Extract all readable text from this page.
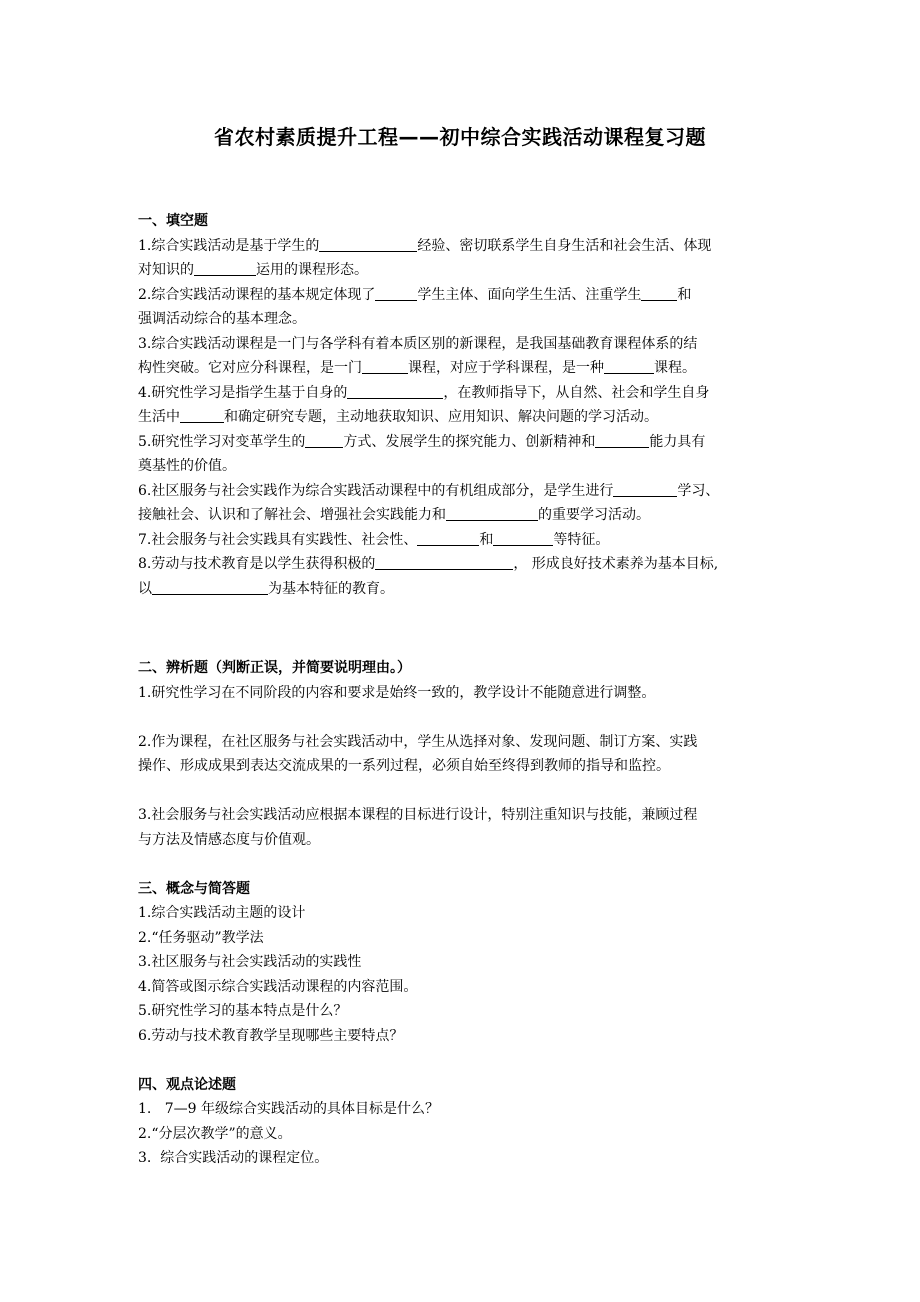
省农村素质提升工程——初中综合实践活动课程复习题
一、填空题
1.综合实践活动是基于学生的	经验、密切联系学生自身生活和社会生活、体现
对知识的	运用的课程形态。
2.综合实践活动课程的基本规定体现了	学生主体、面向学生生活、注重学生	和
强调活动综合的基本理念。
3.综合实践活动课程是一门与各学科有着本质区别的新课程，是我国基础教育课程体系的结
构性突破。它对应分科课程，是一门	课程，对应于学科课程，是一种	课程。
4.研究性学习是指学生基于自身的	，在教师指导下，从自然、社会和学生自身
生活中	和确定研究专题，主动地获取知识、应用知识、解决问题的学习活动。
5.研究性学习对变革学生的	方式、发展学生的探究能力、创新精神和	能力具有
奠基性的价值。
6.社区服务与社会实践作为综合实践活动课程中的有机组成部分，是学生进行	学习、
接触社会、认识和了解社会、增强社会实践能力和	的重要学习活动。
7.社会服务与社会实践具有实践性、社会性、	和	等特征。
8.劳动与技术教育是以学生获得积极的	， 形成良好技术素养为基本目标,
以	为基本特征的教育。
二、辨析题（判断正误，并简要说明理由。）
1.研究性学习在不同阶段的内容和要求是始终一致的，教学设计不能随意进行调整。
2.作为课程，在社区服务与社会实践活动中，学生从选择对象、发现问题、制订方案、实践
操作、形成成果到表达交流成果的一系列过程，必须自始至终得到教师的指导和监控。
3.社会服务与社会实践活动应根据本课程的目标进行设计，特别注重知识与技能，兼顾过程
与方法及情感态度与价值观。
三、概念与简答题
1.综合实践活动主题的设计
2.“任务驱动”教学法
3.社区服务与社会实践活动的实践性
4.简答或图示综合实践活动课程的内容范围。
5.研究性学习的基本特点是什么？
6.劳动与技术教育教学呈现哪些主要特点？
四、观点论述题
1.   7—9 年级综合实践活动的具体目标是什么？
2.“分层次教学”的意义。
3.  综合实践活动的课程定位。
